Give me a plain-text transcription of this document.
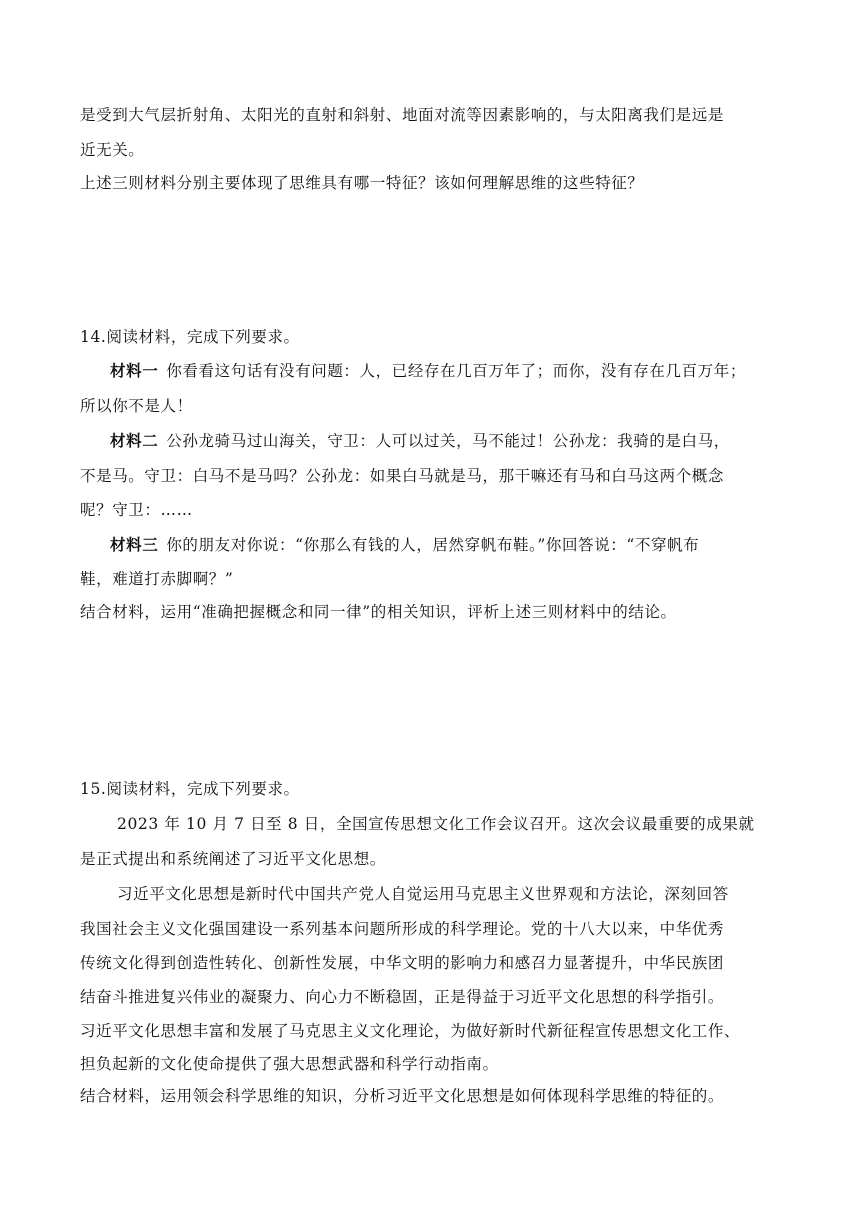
是受到大气层折射角、太阳光的直射和斜射、地面对流等因素影响的，与太阳离我们是远是
近无关。
上述三则材料分别主要体现了思维具有哪一特征？该如何理解思维的这些特征？
14.阅读材料，完成下列要求。
材料一 你看看这句话有没有问题：人，已经存在几百万年了；而你，没有存在几百万年；
所以你不是人！
材料二 公孙龙骑马过山海关，守卫：人可以过关，马不能过！公孙龙：我骑的是白马，
不是马。守卫：白马不是马吗？公孙龙：如果白马就是马，那干嘛还有马和白马这两个概念
呢？守卫：……
材料三 你的朋友对你说：“你那么有钱的人，居然穿帆布鞋。”你回答说：“不穿帆布
鞋，难道打赤脚啊？”
结合材料，运用“准确把握概念和同一律”的相关知识，评析上述三则材料中的结论。
15.阅读材料，完成下列要求。
2023 年 10 月 7 日至 8 日，全国宣传思想文化工作会议召开。这次会议最重要的成果就
是正式提出和系统阐述了习近平文化思想。
习近平文化思想是新时代中国共产党人自觉运用马克思主义世界观和方法论，深刻回答
我国社会主义文化强国建设一系列基本问题所形成的科学理论。党的十八大以来，中华优秀
传统文化得到创造性转化、创新性发展，中华文明的影响力和感召力显著提升，中华民族团
结奋斗推进复兴伟业的凝聚力、向心力不断稳固，正是得益于习近平文化思想的科学指引。
习近平文化思想丰富和发展了马克思主义文化理论，为做好新时代新征程宣传思想文化工作、
担负起新的文化使命提供了强大思想武器和科学行动指南。
结合材料，运用领会科学思维的知识，分析习近平文化思想是如何体现科学思维的特征的。
